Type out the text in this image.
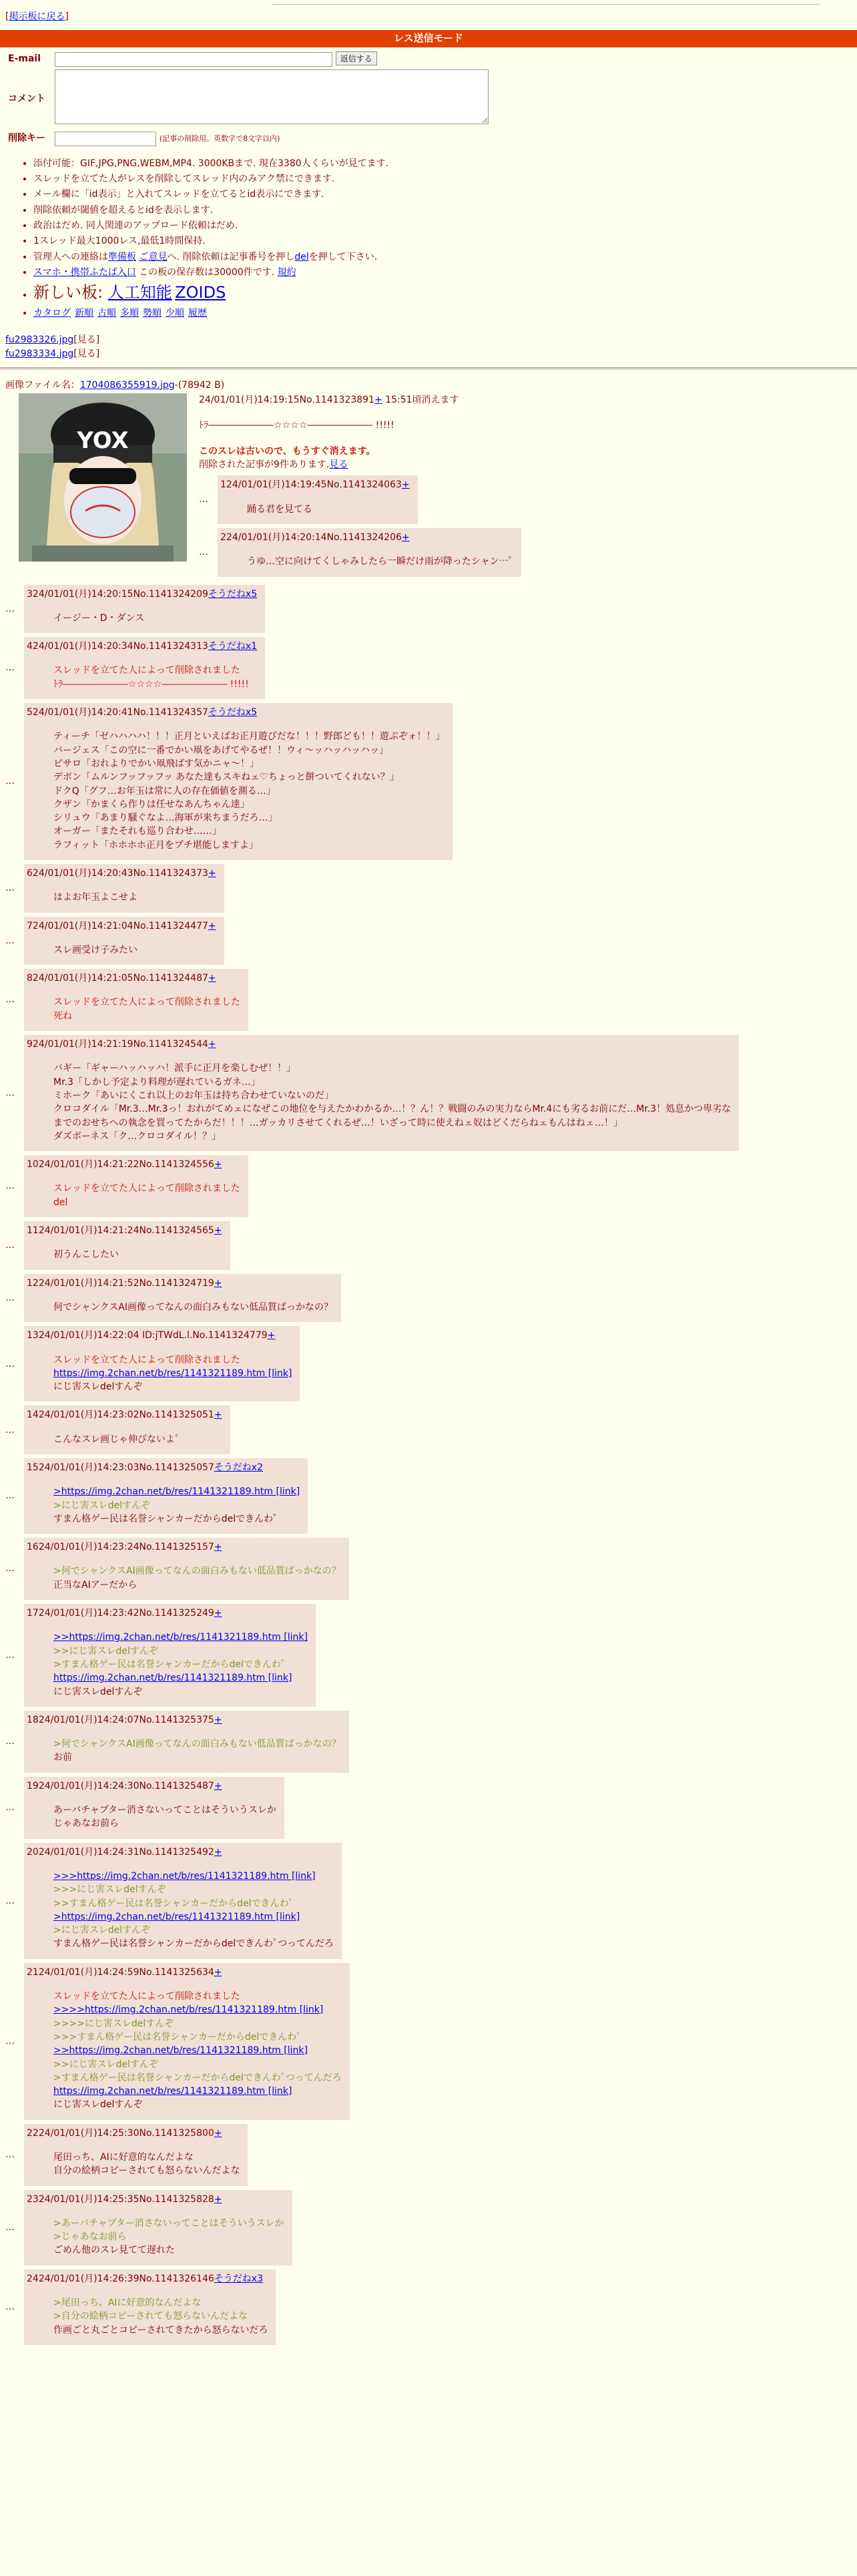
[掲示板に戻る]
レス送信モード
E-mail	返信する
コメント	
削除キー	(記事の削除用。英数字で8文字以内)
• 添付可能：GIF,JPG,PNG,WEBM,MP4. 3000KBまで. 現在3380人くらいが見てます.
• スレッドを立てた人がレスを削除してスレッド内のみアク禁にできます.
• メール欄に「id表示」と入れてスレッドを立てるとid表示にできます.
• 削除依頼が閾値を超えるとidを表示します.
• 政治はだめ. 同人関連のアップロード依頼はだめ.
• 1スレッド最大1000レス,最低1時間保持.
• 管理人への連絡は準備板 ご意見へ. 削除依頼は記事番号を押しdelを押して下さい.
• スマホ・携帯ふたば入口 この板の保存数は30000件です. 規約
• 新しい板: 人工知能 ZOIDS
• カタログ 新順 古順 多順 勢順 少順 履歴
fu2983326.jpg[見る]
fu2983334.jpg[見る]
画像ファイル名：1704086355919.jpg-(78942 B)
YOX
24/01/01(月)14:19:15No.1141323891+ 15:51頃消えます
ﾄﾗ―――――――☆☆☆☆――――――― !!!!!
このスレは古いので、もうすぐ消えます。
削除された記事が9件あります.見る
…
124/01/01(月)14:19:45No.1141324063+
踊る君を見てる
…
224/01/01(月)14:20:14No.1141324206+
うゆ…空に向けてくしゃみしたら一瞬だけ雨が降ったシャン…ﾟ
…
324/01/01(月)14:20:15No.1141324209そうだねx5
イージー・D・ダンス
…
424/01/01(月)14:20:34No.1141324313そうだねx1
スレッドを立てた人によって削除されました
ﾄﾗ―――――――☆☆☆☆――――――― !!!!!
…
524/01/01(月)14:20:41No.1141324357そうだねx5
ティーチ「ゼハハハハ！！！正月といえばお正月遊びだな！！！野郎ども！！遊ぶぞォ！！」
バージェス「この空に一番でかい凧をあげてやるぜ！！ウィ〜ッハッハッハッ」
ピサロ「おれよりでかい凧飛ばす気かニャ〜！」
デボン「ムルンフッフッフッ あなた達もスキねェ♡ちょっと餅ついてくれない？」
ドクQ「グフ…お年玉は常に人の存在価値を測る…」
クザン「かまくら作りは任せなあんちゃん達」
シリュウ「あまり騒ぐなよ…海軍が来ちまうだろ…」
オーガー「またそれも巡り合わせ……」
ラフィット「ホホホホ正月をプチ堪能しますよ」
…
624/01/01(月)14:20:43No.1141324373+
はよお年玉よこせよ
…
724/01/01(月)14:21:04No.1141324477+
スレ画受け子みたい
…
824/01/01(月)14:21:05No.1141324487+
スレッドを立てた人によって削除されました
死ね
…
924/01/01(月)14:21:19No.1141324544+
バギー「ギャーハッハッハ！派手に正月を楽しむぜ！！」
Mr.3「しかし予定より料理が遅れているガネ…」
ミホーク「あいにくこれ以上のお年玉は持ち合わせていないのだ」
クロコダイル「Mr.3…Mr.3っ！おれがてめェになぜこの地位を与えたかわかるか…！？ん！？戦闘のみの実力ならMr.4にも劣るお前にだ…Mr.3！処息かつ卑劣な
までのおせちへの執念を買ってたからだ！！！…ガッカリさせてくれるぜ…！いざって時に使えねェ奴はどくだらねェもんはねェ…！」
ダズボーネス「ク…クロコダイル！？」
…
1024/01/01(月)14:21:22No.1141324556+
スレッドを立てた人によって削除されました
del
…
1124/01/01(月)14:21:24No.1141324565+
初うんこしたい
…
1224/01/01(月)14:21:52No.1141324719+
何でシャンクスAI画像ってなんの面白みもない低品質ばっかなの？
…
1324/01/01(月)14:22:04 ID:jTWdL.l.No.1141324779+
スレッドを立てた人によって削除されました
https://img.2chan.net/b/res/1141321189.htm [link]
にじ害スレdelすんぞ
…
1424/01/01(月)14:23:02No.1141325051+
こんなスレ画じゃ伸びないよﾟ
…
1524/01/01(月)14:23:03No.1141325057そうだねx2
>https://img.2chan.net/b/res/1141321189.htm [link]
>にじ害スレdelすんぞ
すまん格ゲー民は名誉シャンカーだからdelできんわﾟ
…
1624/01/01(月)14:23:24No.1141325157+
>何でシャンクスAI画像ってなんの面白みもない低品質ばっかなの？
正当なAIアーだから
…
1724/01/01(月)14:23:42No.1141325249+
>>https://img.2chan.net/b/res/1141321189.htm [link]
>>にじ害スレdelすんぞ
>すまん格ゲー民は名誉シャンカーだからdelできんわﾟ
https://img.2chan.net/b/res/1141321189.htm [link]
にじ害スレdelすんぞ
…
1824/01/01(月)14:24:07No.1141325375+
>何でシャンクスAI画像ってなんの面白みもない低品質ばっかなの？
お前
…
1924/01/01(月)14:24:30No.1141325487+
あーバチャプター消さないってことはそういうスレか
じゃあなお前ら
…
2024/01/01(月)14:24:31No.1141325492+
>>>https://img.2chan.net/b/res/1141321189.htm [link]
>>>にじ害スレdelすんぞ
>>すまん格ゲー民は名誉シャンカーだからdelできんわﾟ
>https://img.2chan.net/b/res/1141321189.htm [link]
>にじ害スレdelすんぞ
すまん格ゲー民は名誉シャンカーだからdelできんわﾟつってんだろ
…
2124/01/01(月)14:24:59No.1141325634+
スレッドを立てた人によって削除されました
>>>>https://img.2chan.net/b/res/1141321189.htm [link]
>>>>にじ害スレdelすんぞ
>>>すまん格ゲー民は名誉シャンカーだからdelできんわﾟ
>>https://img.2chan.net/b/res/1141321189.htm [link]
>>にじ害スレdelすんぞ
>すまん格ゲー民は名誉シャンカーだからdelできんわﾟつってんだろ
https://img.2chan.net/b/res/1141321189.htm [link]
にじ害スレdelすんぞ
…
2224/01/01(月)14:25:30No.1141325800+
尾田っち、AIに好意的なんだよな
自分の絵柄コピーされても怒らないんだよな
…
2324/01/01(月)14:25:35No.1141325828+
>あーバチャプター消さないってことはそういうスレか
>じゃあなお前ら
ごめん他のスレ見てて遅れた
…
2424/01/01(月)14:26:39No.1141326146そうだねx3
>尾田っち、AIに好意的なんだよな
>自分の絵柄コピーされても怒らないんだよな
作画ごと丸ごとコピーされてきたから怒らないだろ
